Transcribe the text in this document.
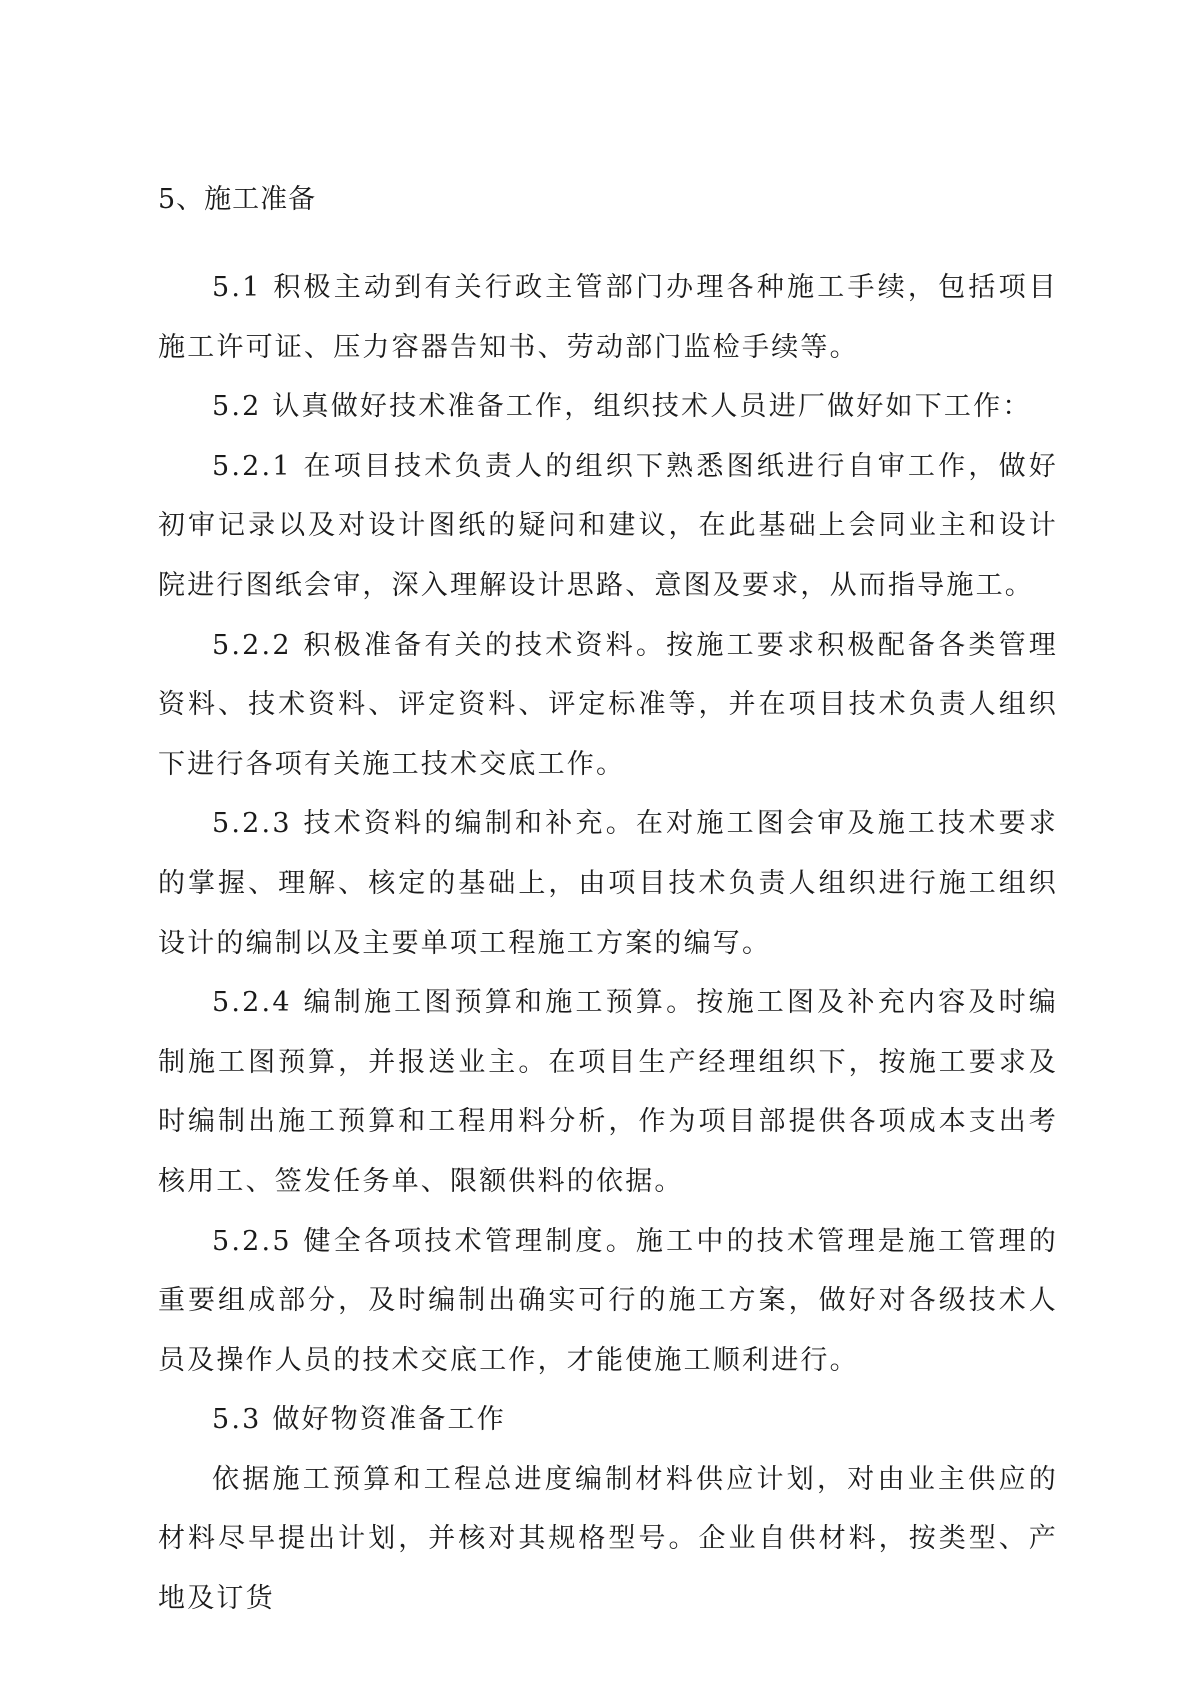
5、施工准备

5.1 积极主动到有关行政主管部门办理各种施工手续，包括项目施工许可证、压力容器告知书、劳动部门监检手续等。

5.2 认真做好技术准备工作，组织技术人员进厂做好如下工作：

5.2.1 在项目技术负责人的组织下熟悉图纸进行自审工作，做好初审记录以及对设计图纸的疑问和建议，在此基础上会同业主和设计院进行图纸会审，深入理解设计思路、意图及要求，从而指导施工。

5.2.2 积极准备有关的技术资料。按施工要求积极配备各类管理资料、技术资料、评定资料、评定标准等，并在项目技术负责人组织下进行各项有关施工技术交底工作。

5.2.3 技术资料的编制和补充。在对施工图会审及施工技术要求的掌握、理解、核定的基础上，由项目技术负责人组织进行施工组织设计的编制以及主要单项工程施工方案的编写。

5.2.4 编制施工图预算和施工预算。按施工图及补充内容及时编制施工图预算，并报送业主。在项目生产经理组织下，按施工要求及时编制出施工预算和工程用料分析，作为项目部提供各项成本支出考核用工、签发任务单、限额供料的依据。

5.2.5 健全各项技术管理制度。施工中的技术管理是施工管理的重要组成部分，及时编制出确实可行的施工方案，做好对各级技术人员及操作人员的技术交底工作，才能使施工顺利进行。

5.3 做好物资准备工作

依据施工预算和工程总进度编制材料供应计划，对由业主供应的材料尽早提出计划，并核对其规格型号。企业自供材料，按类型、产地及订货
